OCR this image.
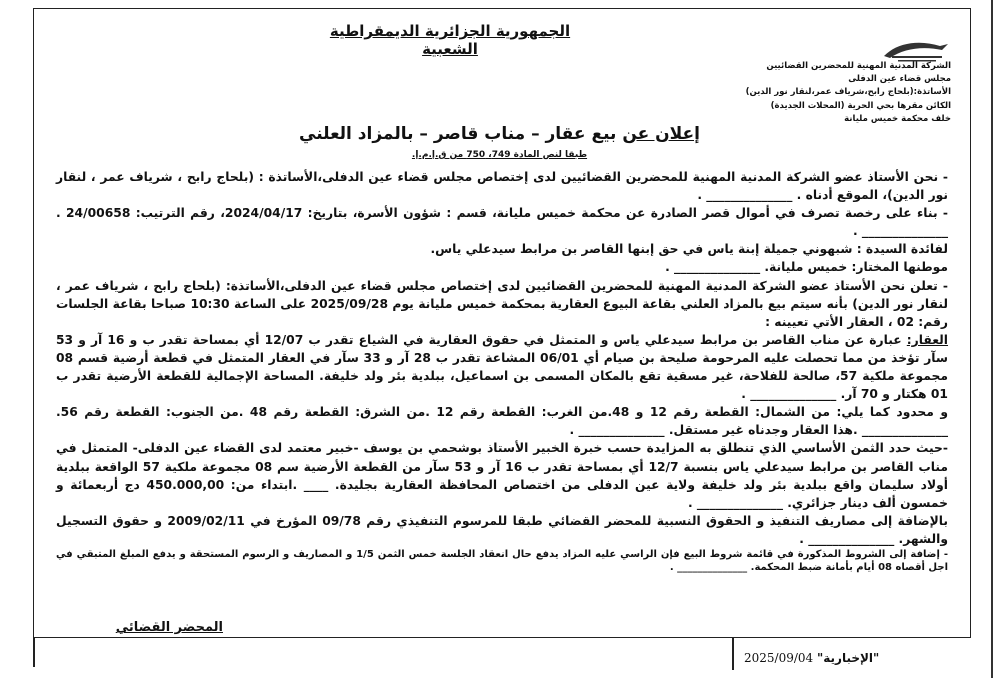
الجمهورية الجزائرية الديمقراطية الشعبية
الشركة المدنية المهنية للمحضرين القضائيين
مجلس قضاء عين الدفلى
الأساتذة:(بلحاج رابح،شرياف عمر،لنقار نور الدين)
الكائن مقرها بحي الحرية (المحلات الجديدة)
خلف محكمة خميس مليانة
إعلان عن بيع عقار – مناب قاصر – بالمزاد العلني
طبقا لنص المادة 749، 750 من ق.إ.م.إ.

- نحن الأستاذ عضو الشركة المدنية المهنية للمحضرين القضائيين لدى إختصاص مجلس قضاء عين الدفلى،الأساتذة : (بلحاج رابح ، شرياف عمر ، لنقار نور الدين)، الموقع أدناه . ______________ .

- بناء على رخصة تصرف في أموال قصر الصادرة عن محكمة خميس مليانة، قسم : شؤون الأسرة، بتاريخ: 2024/04/17، رقم الترتيب: 24/00658 . ______________ .

لفائدة السيدة : شبهوني جميلة إبنة ياس في حق إبنها القاصر بن مرابط سيدعلي ياس.

موطنها المختار: خميس مليانة. ______________ .

- تعلن نحن الأستاذ عضو الشركة المدنية المهنية للمحضرين القضائيين لدى إختصاص مجلس قضاء عين الدفلى،الأساتذة: (بلحاج رابح ، شرياف عمر ، لنقار نور الدين) بأنه سيتم بيع بالمزاد العلني بقاعة البيوع العقارية بمحكمة خميس مليانة يوم 2025/09/28 على الساعة 10:30 صباحا بقاعة الجلسات رقم: 02 ، العقار الأتي تعيينه :

العقار: عبارة عن مناب القاصر بن مرابط سيدعلي ياس و المتمثل في حقوق العقارية في الشياع تقدر ب 12/07 أي بمساحة تقدر ب و 16 آر و 53 سآر تؤخذ من مما تحصلت عليه المرحومة صليحة بن صيام أي 06/01 المشاعة تقدر ب 28 آر و 33 سآر في العقار المتمثل في قطعة أرضية قسم 08 مجموعة ملكية 57، صالحة للفلاحة، غير مسقية تقع بالمكان المسمى بن اسماعيل، ببلدية بئر ولد خليفة. المساحة الإجمالية للقطعة الأرضية تقدر ب 01 هكتار و 70 آر. ______________ .

و محدود كما يلي: من الشمال: القطعة رقم 12 و 48.من الغرب: القطعة رقم 12 .من الشرق: القطعة رقم 48 .من الجنوب: القطعة رقم 56. ______________ .هذا العقار وجدناه غير مستقل. ______________ .

-حيث حدد الثمن الأساسي الذي تنطلق به المزايدة حسب خبرة الخبير الأستاذ بوشحمي بن يوسف -خبير معتمد لدى القضاء عين الدفلى- المتمثل في مناب القاصر بن مرابط سيدعلي ياس بنسبة 12/7 أي بمساحة تقدر ب 16 آر و 53 سآر من القطعة الأرضية سم 08 مجموعة ملكية 57 الواقعة ببلدية أولاد سليمان واقع ببلدية بئر ولد خليفة ولاية عين الدفلى من اختصاص المحافظة العقارية بجليدة. ____ .ابتداء من: 450.000,00 دج أربعمائة و خمسون ألف دينار جزائري. ______________ .

بالإضافة إلى مصاريف التنفيذ و الحقوق النسبية للمحضر القضائي طبقا للمرسوم التنفيذي رقم 09/78 المؤرخ في 2009/02/11 و حقوق التسجيل والشهر. ______________ .

- إضافة إلى الشروط المذكورة في قائمة شروط البيع فإن الراسي عليه المزاد يدفع حال انعقاد الجلسة خمس الثمن 1/5 و المصاريف و الرسوم المستحقة و يدفع المبلغ المتبقي في اجل أقصاه 08 أيام بأمانة ضبط المحكمة. ______________ .

المحضر القضائي
"الإخبارية" 2025/09/04
